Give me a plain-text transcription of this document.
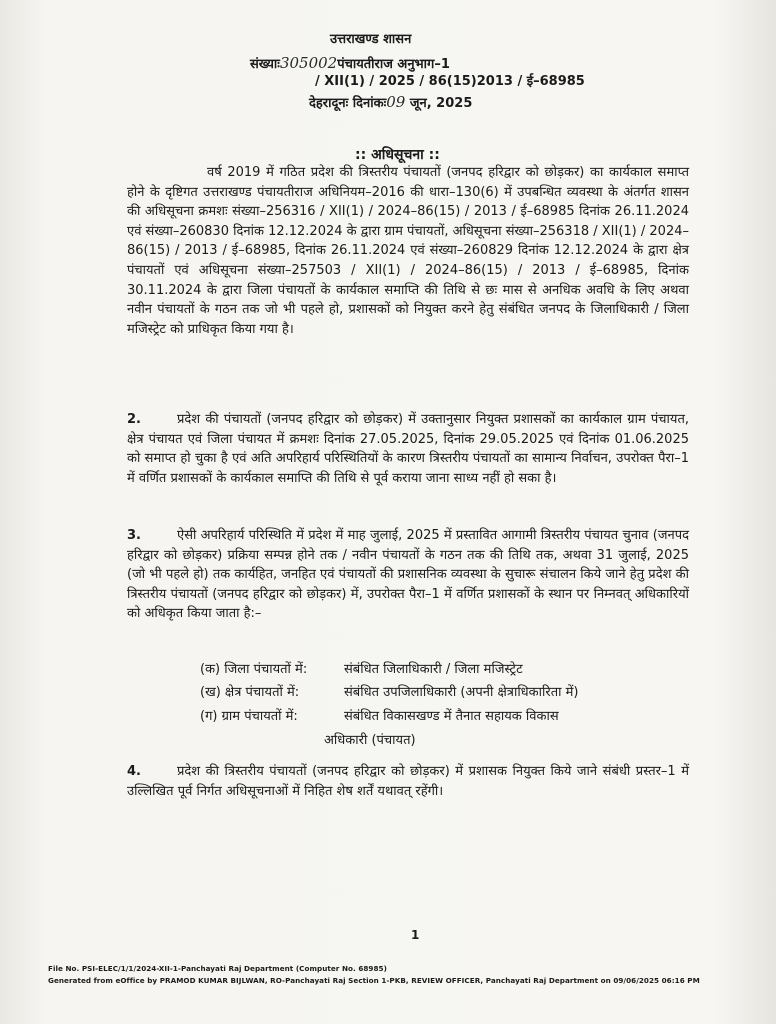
उत्तराखण्ड शासन
संख्याः305002पंचायतीराज अनुभाग–1
/ XII(1) / 2025 / 86(15)2013 / ई–68985
देहरादूनः दिनांकः09 जून, 2025
:: अधिसूचना ::
वर्ष 2019 में गठित प्रदेश की त्रिस्तरीय पंचायतों (जनपद हरिद्वार को छोड़कर) का कार्यकाल समाप्त होने के दृष्टिगत उत्तराखण्ड पंचायतीराज अधिनियम–2016 की धारा–130(6) में उपबन्धित व्यवस्था के अंतर्गत शासन की अधिसूचना क्रमशः संख्या–256316 / XII(1) / 2024–86(15) / 2013 / ई–68985 दिनांक 26.11.2024 एवं संख्या–260830 दिनांक 12.12.2024 के द्वारा ग्राम पंचायतों, अधिसूचना संख्या–256318 / XII(1) / 2024–86(15) / 2013 / ई–68985, दिनांक 26.11.2024 एवं संख्या–260829 दिनांक 12.12.2024 के द्वारा क्षेत्र पंचायतों एवं अधिसूचना संख्या–257503 / XII(1) / 2024–86(15) / 2013 / ई–68985, दिनांक 30.11.2024 के द्वारा जिला पंचायतों के कार्यकाल समाप्ति की तिथि से छः मास से अनधिक अवधि के लिए अथवा नवीन पंचायतों के गठन तक जो भी पहले हो, प्रशासकों को नियुक्त करने हेतु संबंधित जनपद के जिलाधिकारी / जिला मजिस्ट्रेट को प्राधिकृत किया गया है।
2.	प्रदेश की पंचायतों (जनपद हरिद्वार को छोड़कर) में उक्तानुसार नियुक्त प्रशासकों का कार्यकाल ग्राम पंचायत, क्षेत्र पंचायत एवं जिला पंचायत में क्रमशः दिनांक 27.05.2025, दिनांक 29.05.2025 एवं दिनांक 01.06.2025 को समाप्त हो चुका है एवं अति अपरिहार्य परिस्थितियों के कारण त्रिस्तरीय पंचायतों का सामान्य निर्वाचन, उपरोक्त पैरा–1 में वर्णित प्रशासकों के कार्यकाल समाप्ति की तिथि से पूर्व कराया जाना साध्य नहीं हो सका है।
3.	ऐसी अपरिहार्य परिस्थिति में प्रदेश में माह जुलाई, 2025 में प्रस्तावित आगामी त्रिस्तरीय पंचायत चुनाव (जनपद हरिद्वार को छोड़कर) प्रक्रिया सम्पन्न होने तक / नवीन पंचायतों के गठन तक की तिथि तक, अथवा 31 जुलाई, 2025 (जो भी पहले हो) तक कार्यहित, जनहित एवं पंचायतों की प्रशासनिक व्यवस्था के सुचारू संचालन किये जाने हेतु प्रदेश की त्रिस्तरीय पंचायतों (जनपद हरिद्वार को छोड़कर) में, उपरोक्त पैरा–1 में वर्णित प्रशासकों के स्थान पर निम्नवत् अधिकारियों को अधिकृत किया जाता है:–
(क) जिला पंचायतों में:	संबंधित जिलाधिकारी / जिला मजिस्ट्रेट
(ख) क्षेत्र पंचायतों में:	संबंधित उपजिलाधिकारी (अपनी क्षेत्राधिकारिता में)
(ग) ग्राम पंचायतों में:	संबंधित विकासखण्ड में तैनात सहायक विकास
अधिकारी (पंचायत)
4.	प्रदेश की त्रिस्तरीय पंचायतों (जनपद हरिद्वार को छोड़कर) में प्रशासक नियुक्त किये जाने संबंधी प्रस्तर–1 में उल्लिखित पूर्व निर्गत अधिसूचनाओं में निहित शेष शर्तें यथावत् रहेंगी।
1
File No. PSI-ELEC/1/1/2024-XII-1-Panchayati Raj Department (Computer No. 68985)
Generated from eOffice by PRAMOD KUMAR BIJLWAN, RO-Panchayati Raj Section 1-PKB, REVIEW OFFICER, Panchayati Raj Department on 09/06/2025 06:16 PM
